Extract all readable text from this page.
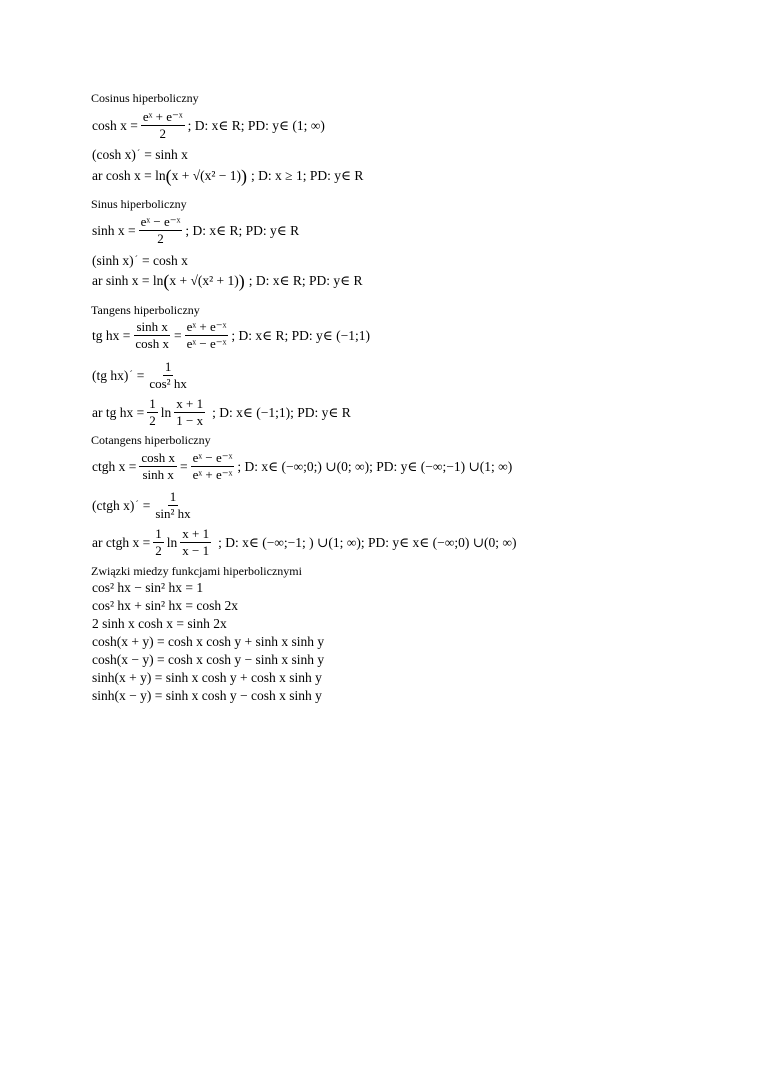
Cosinus hiperboliczny
$\cosh x = \frac{\text{eˣ + e⁻ˣ}}{2}$ ; D: x∈ R; PD: y∈ (1; ∞)
(cosh x) ´ = sinh x
ar cosh x = ln ( x + √(x² − 1) ) ; D: x ≥ 1; PD: y∈ R
Sinus hiperboliczny
$\sinh x = \frac{\text{eˣ − e⁻ˣ}}{2}$ ; D: x∈ R; PD: y∈ R
(sinh x) ´ = cosh x
ar sinh x = ln ( x + √(x² + 1) ) ; D: x∈ R; PD: y∈ R
Tangens hiperboliczny
tg hx = $\frac{\text{sinh x}}{\text{cosh x}} = \frac{\text{eˣ + e⁻ˣ}}{\text{eˣ − e⁻ˣ}}$ ; D: x∈ R; PD: y∈ (−1;1)
(tg hx) ´ = $\frac{1}{\text{cos² hx}}$
ar tg hx = $\frac{1}{2}$ $\ln \frac{x + 1}{1 - x}$ ; D: x∈ (−1;1); PD: y∈ R
Cotangens hiperboliczny
ctgh $x = \frac{\text{cosh x}}{\text{sinh x}} = \frac{\text{eˣ − e⁻ˣ}}{\text{eˣ + e⁻ˣ}}$ ; D: x∈ (−∞;0;) ∪(0; ∞); PD: y∈ (−∞;−1) ∪(1; ∞)
(ctgh x) ´ = $\frac{1}{\text{sin² hx}}$
ar ctgh $x = \frac{1}{2}$ $\ln \frac{x + 1}{x - 1}$ ; D: x∈ (−∞;−1; ) ∪(1; ∞); PD: y∈ x∈ (−∞;0) ∪(0; ∞)
Związki miedzy funkcjami hiperbolicznymi
cos² hx − sin² hx = 1
cos² hx + sin² hx = cosh 2x
2 sinh x cosh x = sinh 2x
cosh(x + y) = cosh x cosh y + sinh x sinh y
cosh(x − y) = cosh x cosh y − sinh x sinh y
sinh(x + y) = sinh x cosh y + cosh x sinh y
sinh(x − y) = sinh x cosh y − cosh x sinh y
